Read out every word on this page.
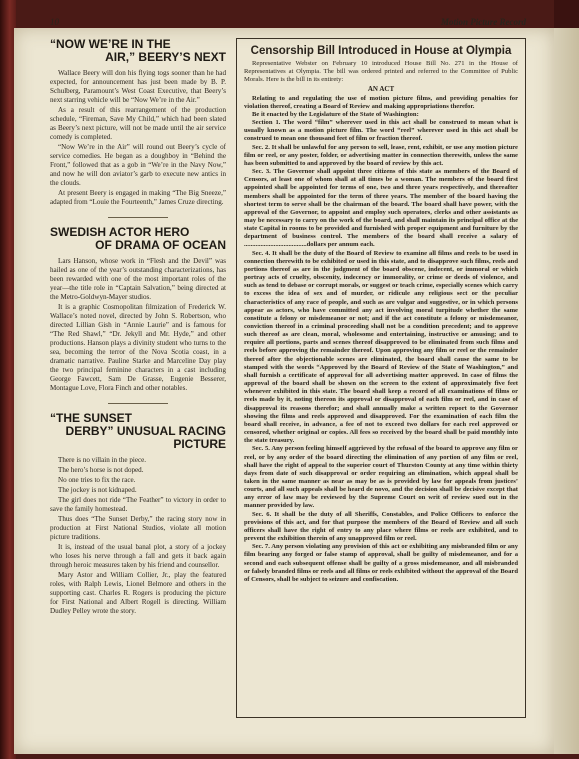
10	Motion Picture Record
“NOW WE’RE IN THE
AIR,” BEERY’S NEXT

Wallace Beery will don his flying togs sooner than he had expected, for announcement has just been made by B. P. Schulberg, Paramount’s West Coast Executive, that Beery’s next starring vehicle will be “Now We’re in the Air.”

As a result of this rearrangement of the production schedule, “Fireman, Save My Child,” which had been slated as Beery’s next picture, will not be made until the air service comedy is completed.

“Now We’re in the Air” will round out Beery’s cycle of service comedies. He began as a doughboy in “Behind the Front,” followed that as a gob in “We’re in the Navy Now,” and now he will don aviator’s garb to execute new antics in the clouds.

At present Beery is engaged in making “The Big Sneeze,” adapted from “Louie the Fourteenth,” James Cruze directing.

SWEDISH ACTOR HERO
OF DRAMA OF OCEAN

Lars Hanson, whose work in “Flesh and the Devil” was hailed as one of the year’s outstanding characterizations, has been rewarded with one of the most important roles of the year—the title role in “Captain Salvation,” being directed at the Metro-Goldwyn-Mayer studios.

It is a graphic Cosmopolitan filmization of Frederick W. Wallace’s noted novel, directed by John S. Robertson, who directed Lillian Gish in “Annie Laurie” and is famous for “The Red Shawl,” “Dr. Jekyll and Mr. Hyde,” and other productions. Hanson plays a divinity student who turns to the sea, becoming the terror of the Nova Scotia coast, in a dramatic narrative. Pauline Starke and Marceline Day play the two principal feminine characters in a cast including George Fawcett, Sam De Grasse, Eugenie Besserer, Montague Love, Flora Finch and other notables.

“THE SUNSET
DERBY” UNUSUAL RACING PICTURE

There is no villain in the piece.

The hero’s horse is not doped.

No one tries to fix the race.

The jockey is not kidnaped.

The girl does not ride “The Feather” to victory in order to save the family homestead.

Thus does “The Sunset Derby,” the racing story now in production at First National Studios, violate all motion picture traditions.

It is, instead of the usual banal plot, a story of a jockey who loses his nerve through a fall and gets it back again through heroic measures taken by his friend and counsellor.

Mary Astor and William Collier, Jr., play the featured roles, with Ralph Lewis, Lionel Belmore and others in the supporting cast. Charles R. Rogers is producing the picture for First National and Albert Rogell is directing. William Dudley Pelley wrote the story.

Censorship Bill Introduced in House at Olympia

Representative Webster on February 10 introduced House Bill No. 271 in the House of Representatives at Olympia. The bill was ordered printed and referred to the Committee of Public Morals. Here is the bill in its entirety:

AN ACT

Relating to and regulating the use of motion picture films, and providing penalties for violation thereof, creating a Board of Review and making appropriations therefor.

Be it enacted by the Legislature of the State of Washington:

Section 1. The word “film” wherever used in this act shall be construed to mean what is usually known as a motion picture film. The word “reel” wherever used in this act shall be construed to mean one thousand feet of film or fraction thereof.

Sec. 2. It shall be unlawful for any person to sell, lease, rent, exhibit, or use any motion picture film or reel, or any poster, folder, or advertising matter in connection therewith, unless the same has been submitted to and approved by the board of review by this act.

Sec. 3. The Governor shall appoint three citizens of this state as members of the Board of Censors, at least one of whom shall at all times be a woman. The members of the board first appointed shall be appointed for terms of one, two and three years respectively, and thereafter members shall be appointed for the term of three years. The member of the board having the shortest term to serve shall be the chairman of the board. The board shall have power, with the approval of the Governor, to appoint and employ such operators, clerks and other assistants as may be necessary to carry on the work of the board, and shall maintain its principal office at the state Capital in rooms to be provided and furnished with proper equipment and furniture by the department of business control. The members of the board shall receive a salary of ......................................dollars per annum each.

Sec. 4. It shall be the duty of the Board of Review to examine all films and reels to be used in connection therewith to be exhibited or used in this state, and to disapprove such films, reels and portions thereof as are in the judgment of the board obscene, indecent, or immoral or which portray acts of cruelty, obscenity, indecency or immorality, or crime or deeds of violence, and such as tend to debase or corrupt morals, or suggest or teach crime, especially scenes which carry to excess the idea of sex and of murder, or ridicule any religious sect or the peculiar characteristics of any race of people, and such as are vulgar and suggestive, or in which persons appear as actors, who have committed any act involving moral turpitude whether the same constitute a felony or misdemeanor or not; and if the act constitute a felony or misdemeanor, conviction thereof in a criminal proceeding shall not be a condition precedent; and to approve such thereof as are clean, moral, wholesome and entertaining, instructive or amusing; and to require all portions, parts and scenes thereof disapproved to be eliminated from such films and reels before approving the remainder thereof. Upon approving any film or reel or the remainder thereof after the objectionable scenes are eliminated, the board shall cause the same to be stamped with the words “Approved by the Board of Review of the State of Washington,” and shall furnish a certificate of approval for all advertising matter approved. In case of films the approval of the board shall be shown on the screen to the extent of approximately five feet whenever exhibited in this state. The board shall keep a record of all examinations of films or reels made by it, noting thereon its approval or disapproval of each film or reel, and in case of disapproval its reasons therefor; and shall annually make a written report to the Governor showing the films and reels approved and disapproved. For the examination of each film the board shall receive, in advance, a fee of not to exceed two dollars for each reel approved or censored, whether original or copies. All fees so received by the board shall be paid monthly into the state treasury.

Sec. 5. Any person feeling himself aggrieved by the refusal of the board to approve any film or reel, or by any order of the board directing the elimination of any portion of any film or reel, shall have the right of appeal to the superior court of Thurston County at any time within thirty days from date of such disapproval or order requiring an elimination, which appeal shall be taken in the same manner as near as may be as is provided by law for appeals from justices’ courts, and all such appeals shall be heard de novo, and the decision shall be decisive except that any error of law may be reviewed by the Supreme Court on writ of review sued out in the manner provided by law.

Sec. 6. It shall be the duty of all Sheriffs, Constables, and Police Officers to enforce the provisions of this act, and for that purpose the members of the Board of Review and all such officers shall have the right of entry to any place where films or reels are exhibited, and to prevent the exhibition therein of any unapproved film or reel.

Sec. 7. Any person violating any provision of this act or exhibiting any misbranded film or any film bearing any forged or false stamp of approval, shall be guilty of misdemeanor, and for a second and each subsequent offense shall be guilty of a gross misdemeanor, and all misbranded or falsely branded films or reels and all films or reels exhibited without the approval of the Board of Censors, shall be subject to seizure and confiscation.
